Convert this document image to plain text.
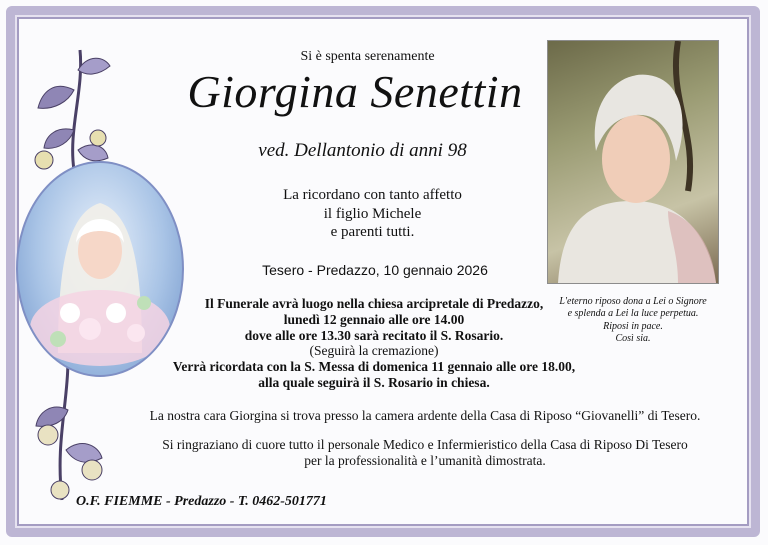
Si è spenta serenamente
Giorgina Senettin
ved. Dellantonio di anni 98
La ricordano con tanto affetto
il figlio Michele
e parenti tutti.
Tesero - Predazzo, 10 gennaio 2026
Il Funerale avrà luogo nella chiesa arcipretale di Predazzo,
lunedì 12 gennaio alle ore 14.00
dove alle ore 13.30 sarà recitato il S. Rosario.
(Seguirà la cremazione)
Verrà ricordata con la S. Messa di domenica 11 gennaio alle ore 18.00,
alla quale seguirà il S. Rosario in chiesa.
L'eterno riposo dona a Lei o Signore
e splenda a Lei la luce perpetua.
Riposi in pace.
Così sia.
La nostra cara Giorgina si trova presso la camera ardente della Casa di Riposo “Giovanelli” di Tesero.
Si ringraziano di cuore tutto il personale Medico e Infermieristico della Casa di Riposo Di Tesero
per la professionalità e l’umanità dimostrata.
O.F. FIEMME - Predazzo - T. 0462-501771
